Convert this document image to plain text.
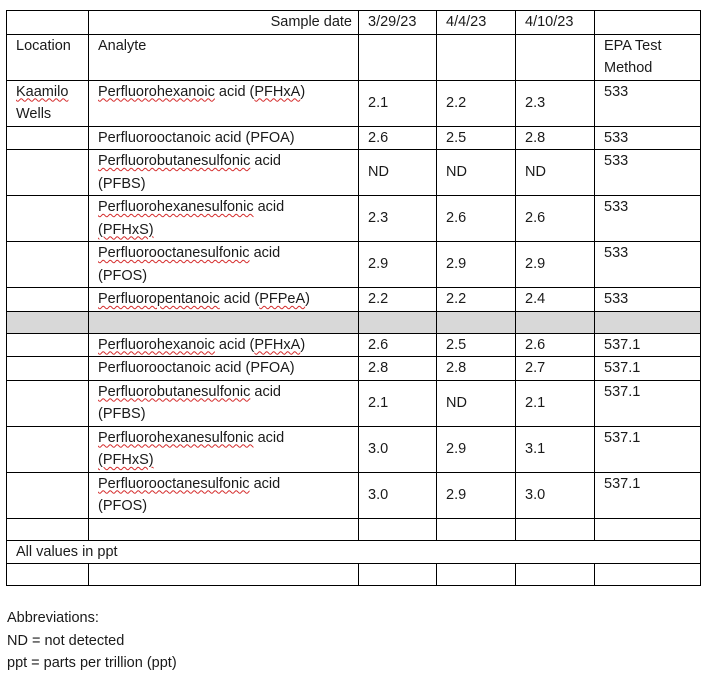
	Sample date	3/29/23	4/4/23	4/10/23	
Location	Analyte				EPA Test
Method
Kaamilo
Wells	Perfluorohexanoic acid (PFHxA)	2.1	2.2	2.3	533
	Perfluorooctanoic acid (PFOA)	2.6	2.5	2.8	533
	Perfluorobutanesulfonic acid
(PFBS)	ND	ND	ND	533
	Perfluorohexanesulfonic acid
(PFHxS)	2.3	2.6	2.6	533
	Perfluorooctanesulfonic acid
(PFOS)	2.9	2.9	2.9	533
	Perfluoropentanoic acid (PFPeA)	2.2	2.2	2.4	533

	Perfluorohexanoic acid (PFHxA)	2.6	2.5	2.6	537.1
	Perfluorooctanoic acid (PFOA)	2.8	2.8	2.7	537.1
	Perfluorobutanesulfonic acid
(PFBS)	2.1	ND	2.1	537.1
	Perfluorohexanesulfonic acid
(PFHxS)	3.0	2.9	3.1	537.1
	Perfluorooctanesulfonic acid
(PFOS)	3.0	2.9	3.0	537.1

All values in ppt					

Abbreviations:
ND = not detected
ppt = parts per trillion (ppt)
